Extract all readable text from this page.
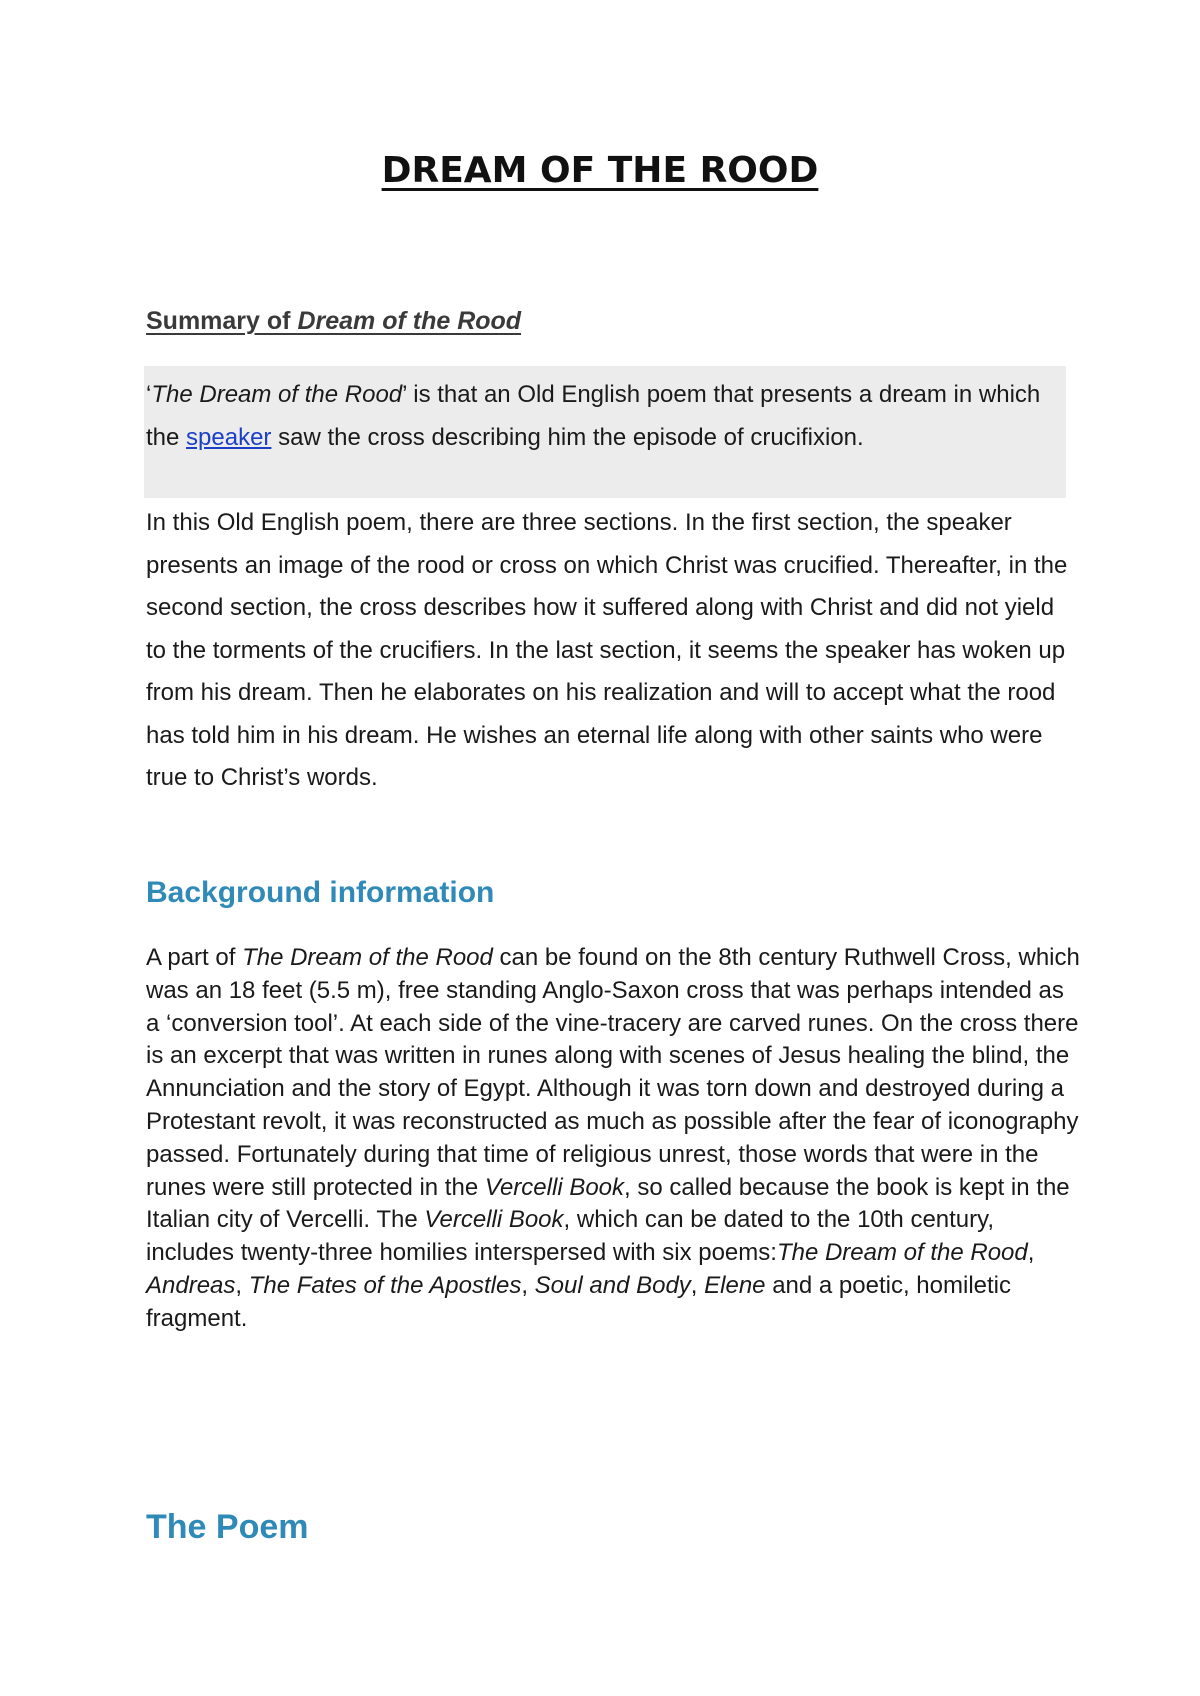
DREAM OF THE ROOD
Summary of Dream of the Rood

‘The Dream of the Rood’ is that an Old English poem that presents a dream in which the speaker saw the cross describing him the episode of crucifixion.

In this Old English poem, there are three sections. In the first section, the speaker presents an image of the rood or cross on which Christ was crucified. Thereafter, in the second section, the cross describes how it suffered along with Christ and did not yield to the torments of the crucifiers. In the last section, it seems the speaker has woken up from his dream. Then he elaborates on his realization and will to accept what the rood has told him in his dream. He wishes an eternal life along with other saints who were true to Christ’s words.

Background information

A part of The Dream of the Rood can be found on the 8th century Ruthwell Cross, which was an 18 feet (5.5 m), free standing Anglo-Saxon cross that was perhaps intended as a ‘conversion tool’. At each side of the vine-tracery are carved runes. On the cross there is an excerpt that was written in runes along with scenes of Jesus healing the blind, the Annunciation and the story of Egypt. Although it was torn down and destroyed during a Protestant revolt, it was reconstructed as much as possible after the fear of iconography passed. Fortunately during that time of religious unrest, those words that were in the runes were still protected in the Vercelli Book, so called because the book is kept in the Italian city of Vercelli. The Vercelli Book, which can be dated to the 10th century, includes twenty-three homilies interspersed with six poems:The Dream of the Rood, Andreas, The Fates of the Apostles, Soul and Body, Elene and a poetic, homiletic fragment.

The Poem
